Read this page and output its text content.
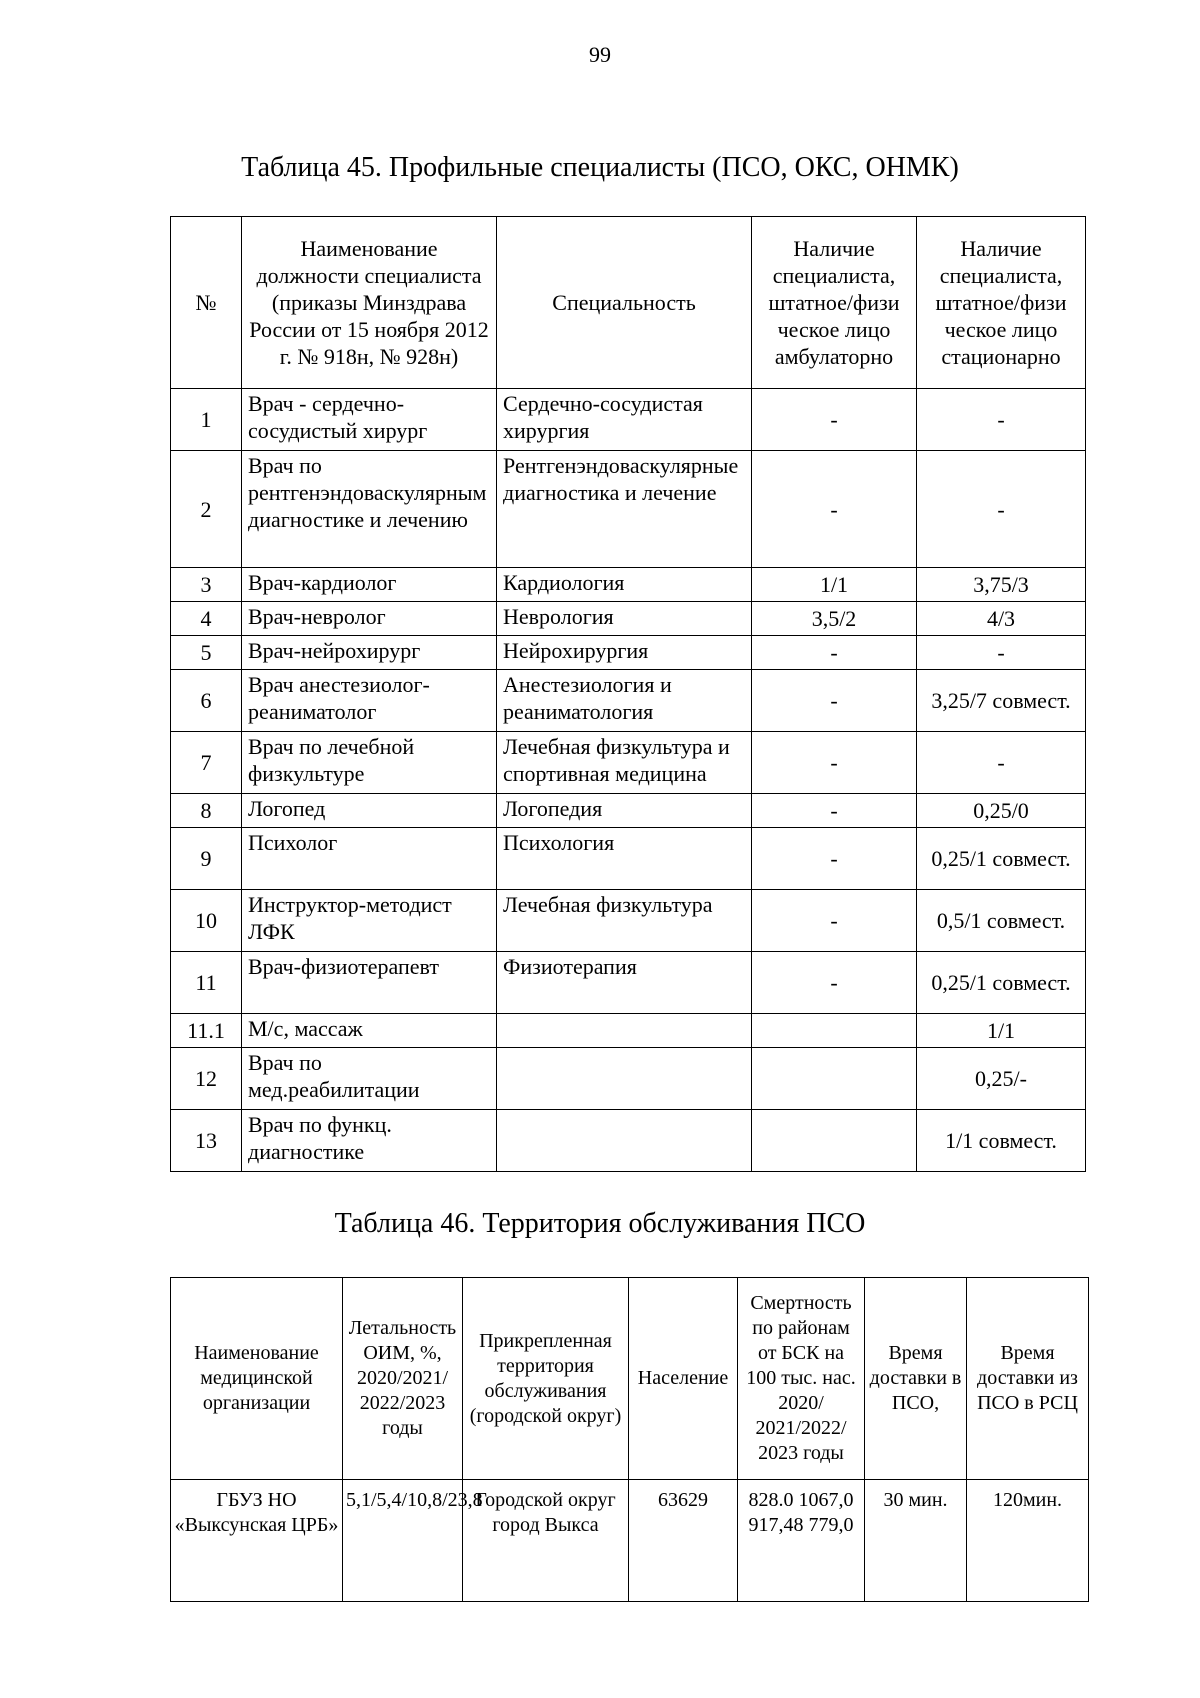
99
Таблица 45. Профильные специалисты (ПСО, ОКС, ОНМК)
№	Наименование должности специалиста (приказы Минздрава России от 15 ноября 2012 г. № 918н, № 928н)	Специальность	Наличие специалиста, штатное/физи ческое лицо амбулаторно	Наличие специалиста, штатное/физи ческое лицо стационарно
1	Врач - сердечно-сосудистый хирург	Сердечно-сосудистая хирургия	-	-
2	Врач по рентгенэндоваскулярным диагностике и лечению	Рентгенэндоваскулярные диагностика и лечение	-	-
3	Врач-кардиолог	Кардиология	1/1	3,75/3
4	Врач-невролог	Неврология	3,5/2	4/3
5	Врач-нейрохирург	Нейрохирургия	-	-
6	Врач анестезиолог-реаниматолог	Анестезиология и реаниматология	-	3,25/7 совмест.
7	Врач по лечебной физкультуре	Лечебная физкультура и спортивная медицина	-	-
8	Логопед	Логопедия	-	0,25/0
9	Психолог	Психология	-	0,25/1 совмест.
10	Инструктор-методист ЛФК	Лечебная физкультура	-	0,5/1 совмест.
11	Врач-физиотерапевт	Физиотерапия	-	0,25/1 совмест.
11.1	М/с, массаж			1/1
12	Врач по мед.реабилитации			0,25/-
13	Врач по функц. диагностике			1/1 совмест.
Таблица 46. Территория обслуживания ПСО
Наименование медицинской организации	Летальность ОИМ, %, 2020/2021/ 2022/2023 годы	Прикрепленная территория обслуживания (городской округ)	Население	Смертность по районам от БСК на 100 тыс. нас. 2020/ 2021/2022/ 2023 годы	Время доставки в ПСО,	Время доставки из ПСО в РСЦ
ГБУЗ НО «Выксунская ЦРБ»	5,1/5,4/10,8/23,8	Городской округ город Выкса	63629	828.0 1067,0 917,48 779,0	30 мин.	120мин.
